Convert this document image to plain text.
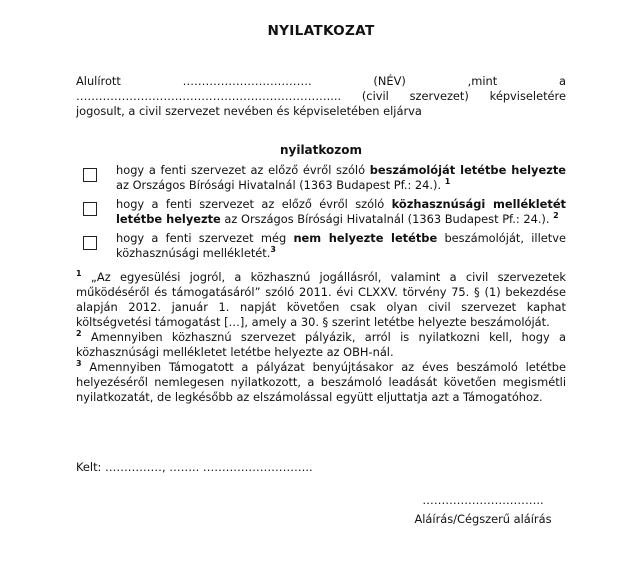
NYILATKOZAT
Alulírott ……………………………. (NÉV) ,mint a ………………………………………………………….... (civil szervezet) képviseletére jogosult, a civil szervezet nevében és képviseletében eljárva
nyilatkozom
hogy a fenti szervezet az előző évről szóló beszámolóját letétbe helyezte az Országos Bírósági Hivatalnál (1363 Budapest Pf.: 24.). $^1$
hogy a fenti szervezet az előző évről szóló közhasznúsági mellékletét letétbe helyezte az Országos Bírósági Hivatalnál (1363 Budapest Pf.: 24.). $^2$
hogy a fenti szervezet még nem helyezte letétbe beszámolóját, illetve közhasznúsági mellékletét.$^3$
$^1$ „Az egyesülési jogról, a közhasznú jogállásról, valamint a civil szervezetek működéséről és támogatásáról” szóló 2011. évi CLXXV. törvény 75. § (1) bekezdése alapján 2012. január 1. napját követően csak olyan civil szervezet kaphat költségvetési támogatást […], amely a 30. § szerint letétbe helyezte beszámolóját.
$^2$ Amennyiben közhasznú szervezet pályázik, arról is nyilatkozni kell, hogy a közhasznúsági mellékletet letétbe helyezte az OBH-nál.
$^3$ Amennyiben Támogatott a pályázat benyújtásakor az éves beszámoló letétbe helyezéséről nemlegesen nyilatkozott, a beszámoló leadását követően megismétli nyilatkozatát, de legkésőbb az elszámolással együtt eljuttatja azt a Támogatóhoz.
Kelt: ……………, …….. ………………………..
…………………………..
Aláírás/Cégszerű aláírás
